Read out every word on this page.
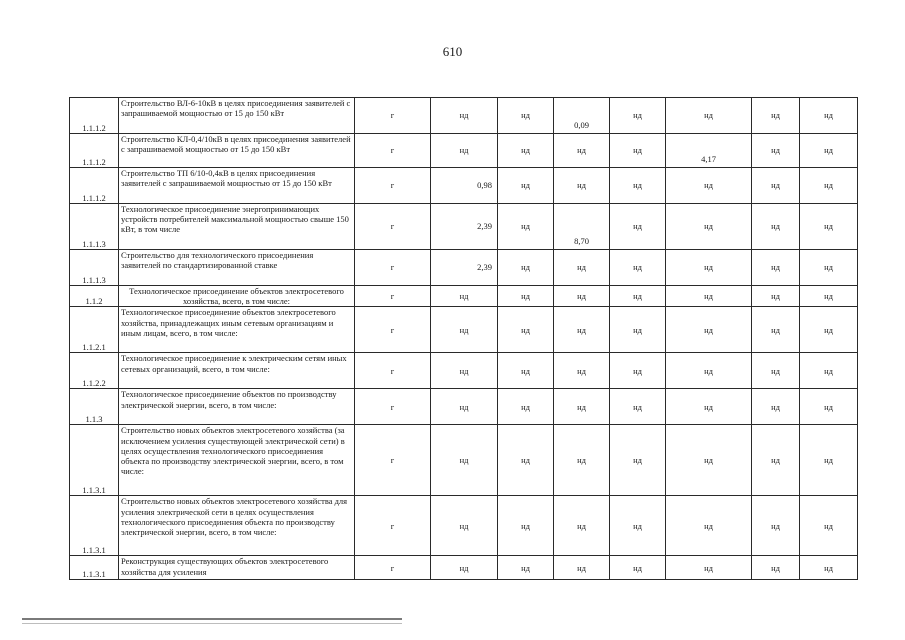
610
1.1.1.2	Строительство ВЛ-6-10кВ в целях присоединения заявителей с запрашиваемой мощностью от 15 до 150 кВт	г	нд	нд	0,09	нд	нд	нд	нд
1.1.1.2	Строительство КЛ-0,4/10кВ в целях присоединения заявителей с запрашиваемой мощностью от 15 до 150 кВт	г	нд	нд	нд	нд	4,17	нд	нд
1.1.1.2	Строительство ТП 6/10-0,4кВ в целях присоединения заявителей с запрашиваемой мощностью от 15 до 150 кВт	г	0,98	нд	нд	нд	нд	нд	нд
1.1.1.3	Технологическое присоединение энергопринимающих устройств потребителей максимальной мощностью свыше 150 кВт, в том числе	г	2,39	нд	8,70	нд	нд	нд	нд
1.1.1.3	Строительство для технологического присоединения заявителей по стандартизированной ставке	г	2,39	нд	нд	нд	нд	нд	нд
1.1.2	Технологическое присоединение объектов электросетевого хозяйства, всего, в том числе:	г	нд	нд	нд	нд	нд	нд	нд
1.1.2.1	Технологическое присоединение объектов электросетевого хозяйства, принадлежащих иным сетевым организациям и иным лицам, всего, в том числе:	г	нд	нд	нд	нд	нд	нд	нд
1.1.2.2	Технологическое присоединение к электрическим сетям иных сетевых организаций, всего, в том числе:	г	нд	нд	нд	нд	нд	нд	нд
1.1.3	Технологическое присоединение объектов по производству электрической энергии, всего, в том числе:	г	нд	нд	нд	нд	нд	нд	нд
1.1.3.1	Строительство новых объектов электросетевого хозяйства (за исключением усиления существующей электрической сети) в целях осуществления технологического присоединения объекта по производству электрической энергии, всего, в том числе:	г	нд	нд	нд	нд	нд	нд	нд
1.1.3.1	Строительство новых объектов электросетевого хозяйства для усиления электрической сети в целях осуществления технологического присоединения объекта по производству электрической энергии, всего, в том числе:	г	нд	нд	нд	нд	нд	нд	нд
1.1.3.1	Реконструкция существующих объектов электросетевого хозяйства для усиления	г	нд	нд	нд	нд	нд	нд	нд
